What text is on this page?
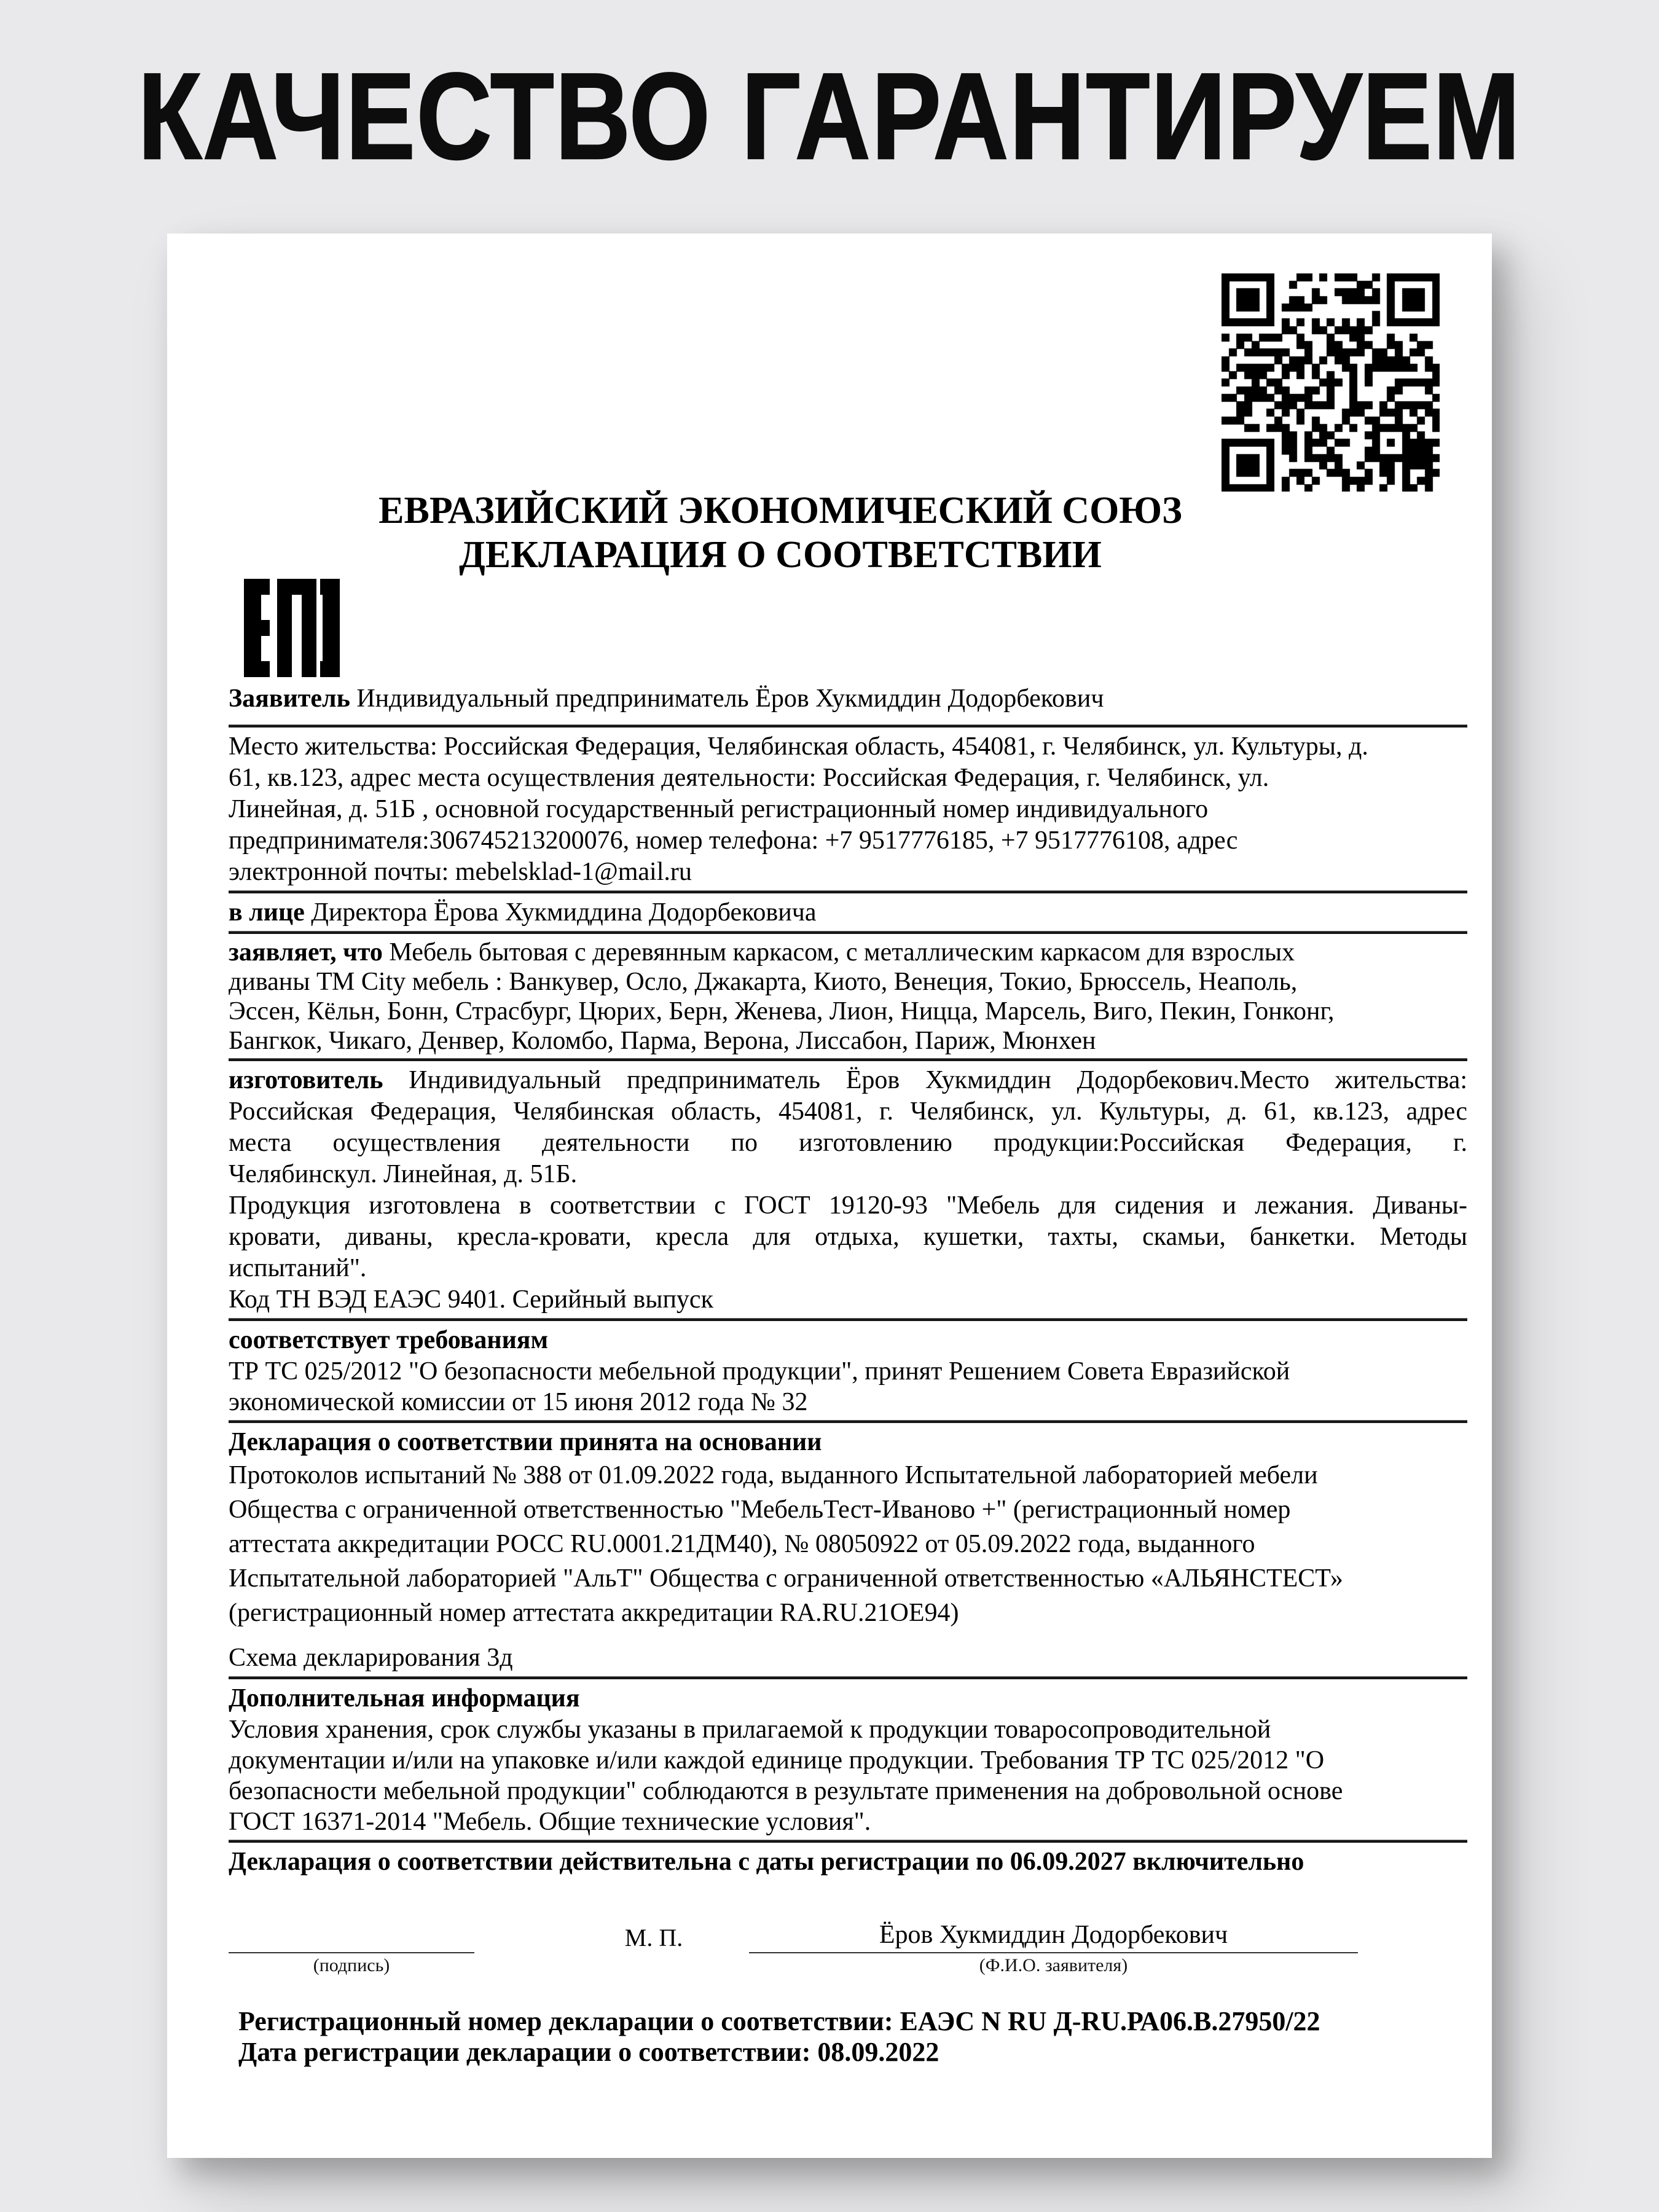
КАЧЕСТВО ГАРАНТИРУЕМ
ЕВРАЗИЙСКИЙ ЭКОНОМИЧЕСКИЙ СОЮЗ
ДЕКЛАРАЦИЯ О СООТВЕТСТВИИ
Заявитель Индивидуальный предприниматель Ёров Хукмиддин Додорбекович
Место жительства: Российская Федерация, Челябинская область, 454081, г. Челябинск, ул. Культуры, д.
61, кв.123, адрес места осуществления деятельности: Российская Федерация, г. Челябинск, ул.
Линейная, д. 51Б , основной государственный регистрационный номер индивидуального
предпринимателя:306745213200076, номер телефона: +7 9517776185, +7 9517776108, адрес
электронной почты: mebelsklad-1@mail.ru
в лице Директора Ёрова Хукмиддина Додорбековича
заявляет, что Мебель бытовая с деревянным каркасом, с металлическим каркасом для взрослых
диваны ТМ City мебель : Ванкувер, Осло, Джакарта, Киото, Венеция, Токио, Брюссель, Неаполь,
Эссен, Кёльн, Бонн, Страсбург, Цюрих, Берн, Женева, Лион, Ницца, Марсель, Виго, Пекин, Гонконг,
Бангкок, Чикаго, Денвер, Коломбо, Парма, Верона, Лиссабон, Париж, Мюнхен
изготовитель Индивидуальный предприниматель Ёров Хукмиддин Додорбекович.Место жительства:
Российская Федерация, Челябинская область, 454081, г. Челябинск, ул. Культуры, д. 61, кв.123, адрес
места осуществления деятельности по изготовлению продукции:Российская Федерация, г.
Челябинскул. Линейная, д. 51Б.
Продукция изготовлена в соответствии с ГОСТ 19120-93 "Мебель для сидения и лежания. Диваны-
кровати, диваны, кресла-кровати, кресла для отдыха, кушетки, тахты, скамьи, банкетки. Методы
испытаний".
Код ТН ВЭД ЕАЭС 9401. Серийный выпуск
соответствует требованиям
ТР ТС 025/2012 "О безопасности мебельной продукции", принят Решением Совета Евразийской
экономической комиссии от 15 июня 2012 года № 32
Декларация о соответствии принята на основании
Протоколов испытаний № 388 от 01.09.2022 года, выданного Испытательной лабораторией мебели
Общества с ограниченной ответственностью "МебельТест-Иваново +" (регистрационный номер
аттестата аккредитации РОСС RU.0001.21ДМ40), № 08050922 от 05.09.2022 года, выданного
Испытательной лабораторией "АльТ" Общества с ограниченной ответственностью «АЛЬЯНСТЕСТ»
(регистрационный номер аттестата аккредитации RA.RU.21ОЕ94)
Схема декларирования 3д
Дополнительная информация
Условия хранения, срок службы указаны в прилагаемой к продукции товаросопроводительной
документации и/или на упаковке и/или каждой единице продукции. Требования ТР ТС 025/2012 "О
безопасности мебельной продукции" соблюдаются в результате применения на добровольной основе
ГОСТ 16371-2014 "Мебель. Общие технические условия".
Декларация о соответствии действительна с даты регистрации по 06.09.2027 включительно
(подпись)
М. П.	Ёров Хукмиддин Додорбекович
(Ф.И.О. заявителя)
Регистрационный номер декларации о соответствии: ЕАЭС N RU Д-RU.РА06.В.27950/22
Дата регистрации декларации о соответствии: 08.09.2022
